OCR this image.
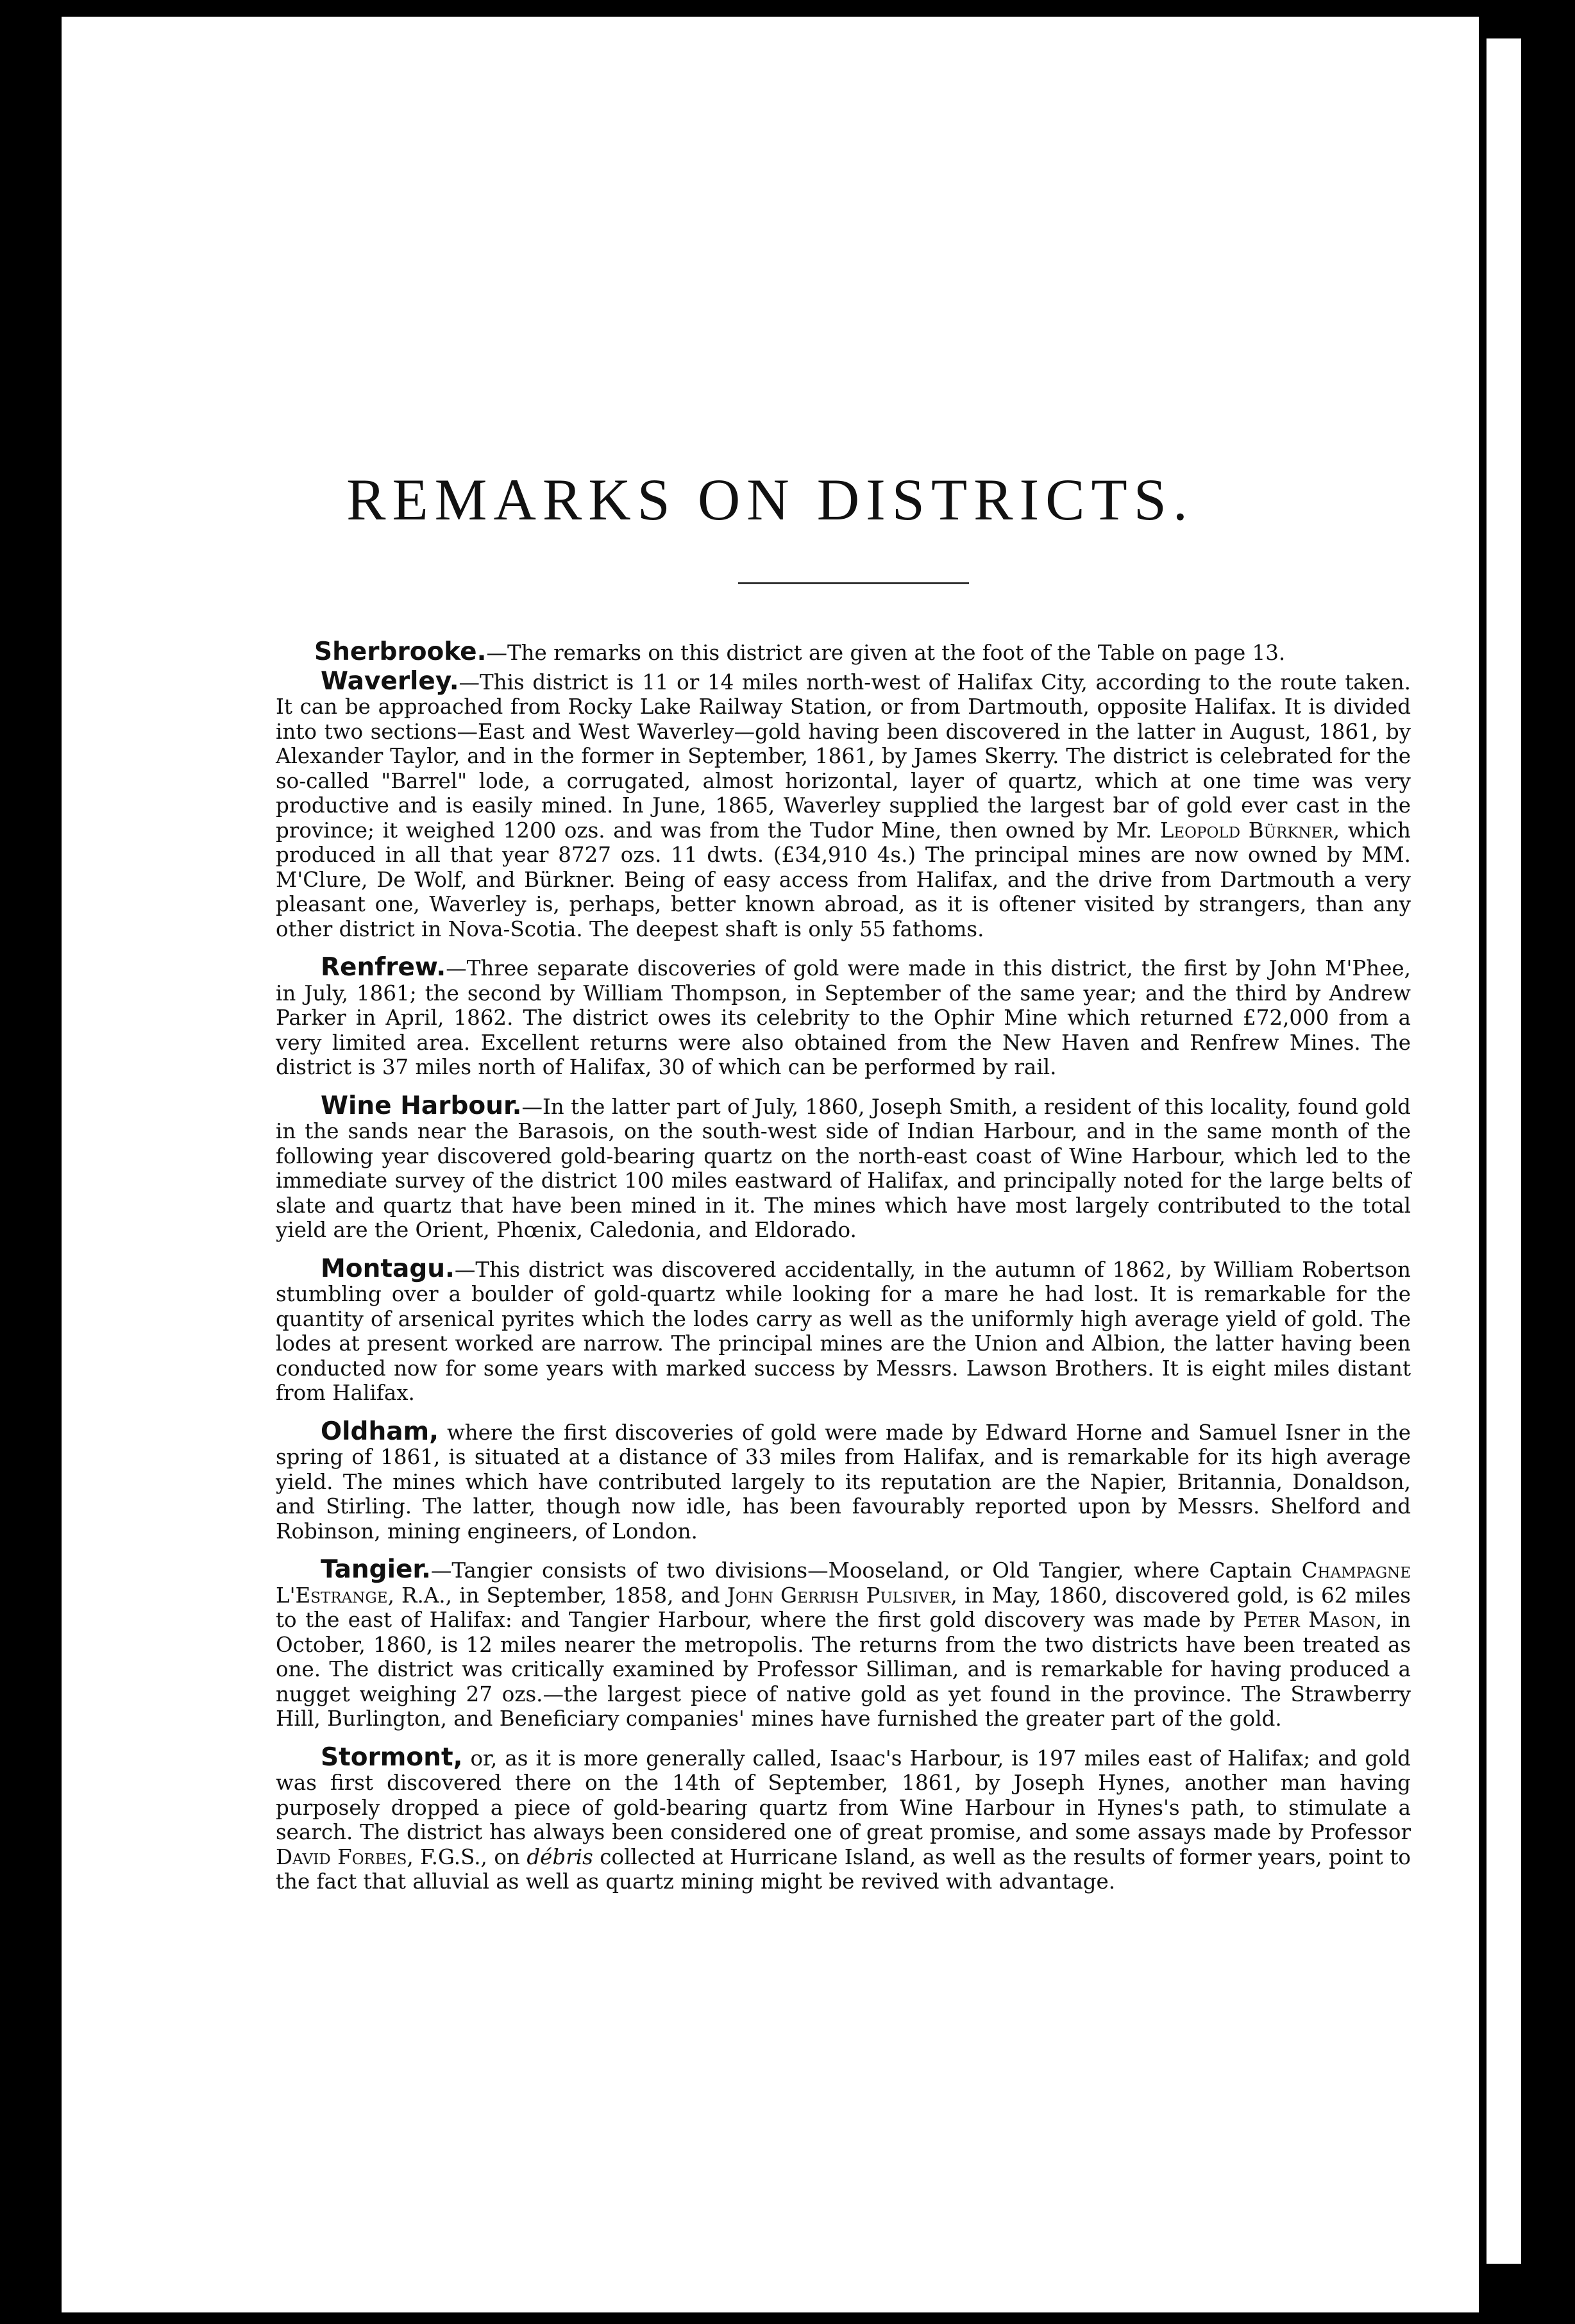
REMARKS ON DISTRICTS.

Sherbrooke.—The remarks on this district are given at the foot of the Table on page 13.

Waverley.—This district is 11 or 14 miles north-west of Halifax City, according to the route taken. It can be approached from Rocky Lake Railway Station, or from Dartmouth, opposite Halifax. It is divided into two sections—East and West Waverley—gold having been discovered in the latter in August, 1861, by Alexander Taylor, and in the former in September, 1861, by James Skerry. The district is celebrated for the so-called "Barrel" lode, a corrugated, almost horizontal, layer of quartz, which at one time was very productive and is easily mined. In June, 1865, Waverley supplied the largest bar of gold ever cast in the province; it weighed 1200 ozs. and was from the Tudor Mine, then owned by Mr. Leopold Bürkner, which produced in all that year 8727 ozs. 11 dwts. (£34,910 4s.) The principal mines are now owned by MM. M'Clure, De Wolf, and Bürkner. Being of easy access from Halifax, and the drive from Dartmouth a very pleasant one, Waverley is, perhaps, better known abroad, as it is oftener visited by strangers, than any other district in Nova-Scotia. The deepest shaft is only 55 fathoms.

Renfrew.—Three separate discoveries of gold were made in this district, the first by John M'Phee, in July, 1861; the second by William Thompson, in September of the same year; and the third by Andrew Parker in April, 1862. The district owes its celebrity to the Ophir Mine which returned £72,000 from a very limited area. Excellent returns were also obtained from the New Haven and Renfrew Mines. The district is 37 miles north of Halifax, 30 of which can be performed by rail.

Wine Harbour.—In the latter part of July, 1860, Joseph Smith, a resident of this locality, found gold in the sands near the Barasois, on the south-west side of Indian Harbour, and in the same month of the following year discovered gold-bearing quartz on the north-east coast of Wine Harbour, which led to the immediate survey of the district 100 miles eastward of Halifax, and principally noted for the large belts of slate and quartz that have been mined in it. The mines which have most largely contributed to the total yield are the Orient, Phœnix, Caledonia, and Eldorado.

Montagu.—This district was discovered accidentally, in the autumn of 1862, by William Robertson stumbling over a boulder of gold-quartz while looking for a mare he had lost. It is remarkable for the quantity of arsenical pyrites which the lodes carry as well as the uniformly high average yield of gold. The lodes at present worked are narrow. The principal mines are the Union and Albion, the latter having been conducted now for some years with marked success by Messrs. Lawson Brothers. It is eight miles distant from Halifax.

Oldham, where the first discoveries of gold were made by Edward Horne and Samuel Isner in the spring of 1861, is situated at a distance of 33 miles from Halifax, and is remarkable for its high average yield. The mines which have contributed largely to its reputation are the Napier, Britannia, Donaldson, and Stirling. The latter, though now idle, has been favourably reported upon by Messrs. Shelford and Robinson, mining engineers, of London.

Tangier.—Tangier consists of two divisions—Mooseland, or Old Tangier, where Captain Champagne L'Estrange, R.A., in September, 1858, and John Gerrish Pulsiver, in May, 1860, discovered gold, is 62 miles to the east of Halifax: and Tangier Harbour, where the first gold discovery was made by Peter Mason, in October, 1860, is 12 miles nearer the metropolis. The returns from the two districts have been treated as one. The district was critically examined by Professor Silliman, and is remarkable for having produced a nugget weighing 27 ozs.—the largest piece of native gold as yet found in the province. The Strawberry Hill, Burlington, and Beneficiary companies' mines have furnished the greater part of the gold.

Stormont, or, as it is more generally called, Isaac's Harbour, is 197 miles east of Halifax; and gold was first discovered there on the 14th of September, 1861, by Joseph Hynes, another man having purposely dropped a piece of gold-bearing quartz from Wine Harbour in Hynes's path, to stimulate a search. The district has always been considered one of great promise, and some assays made by Professor David Forbes, F.G.S., on débris collected at Hurricane Island, as well as the results of former years, point to the fact that alluvial as well as quartz mining might be revived with advantage.
